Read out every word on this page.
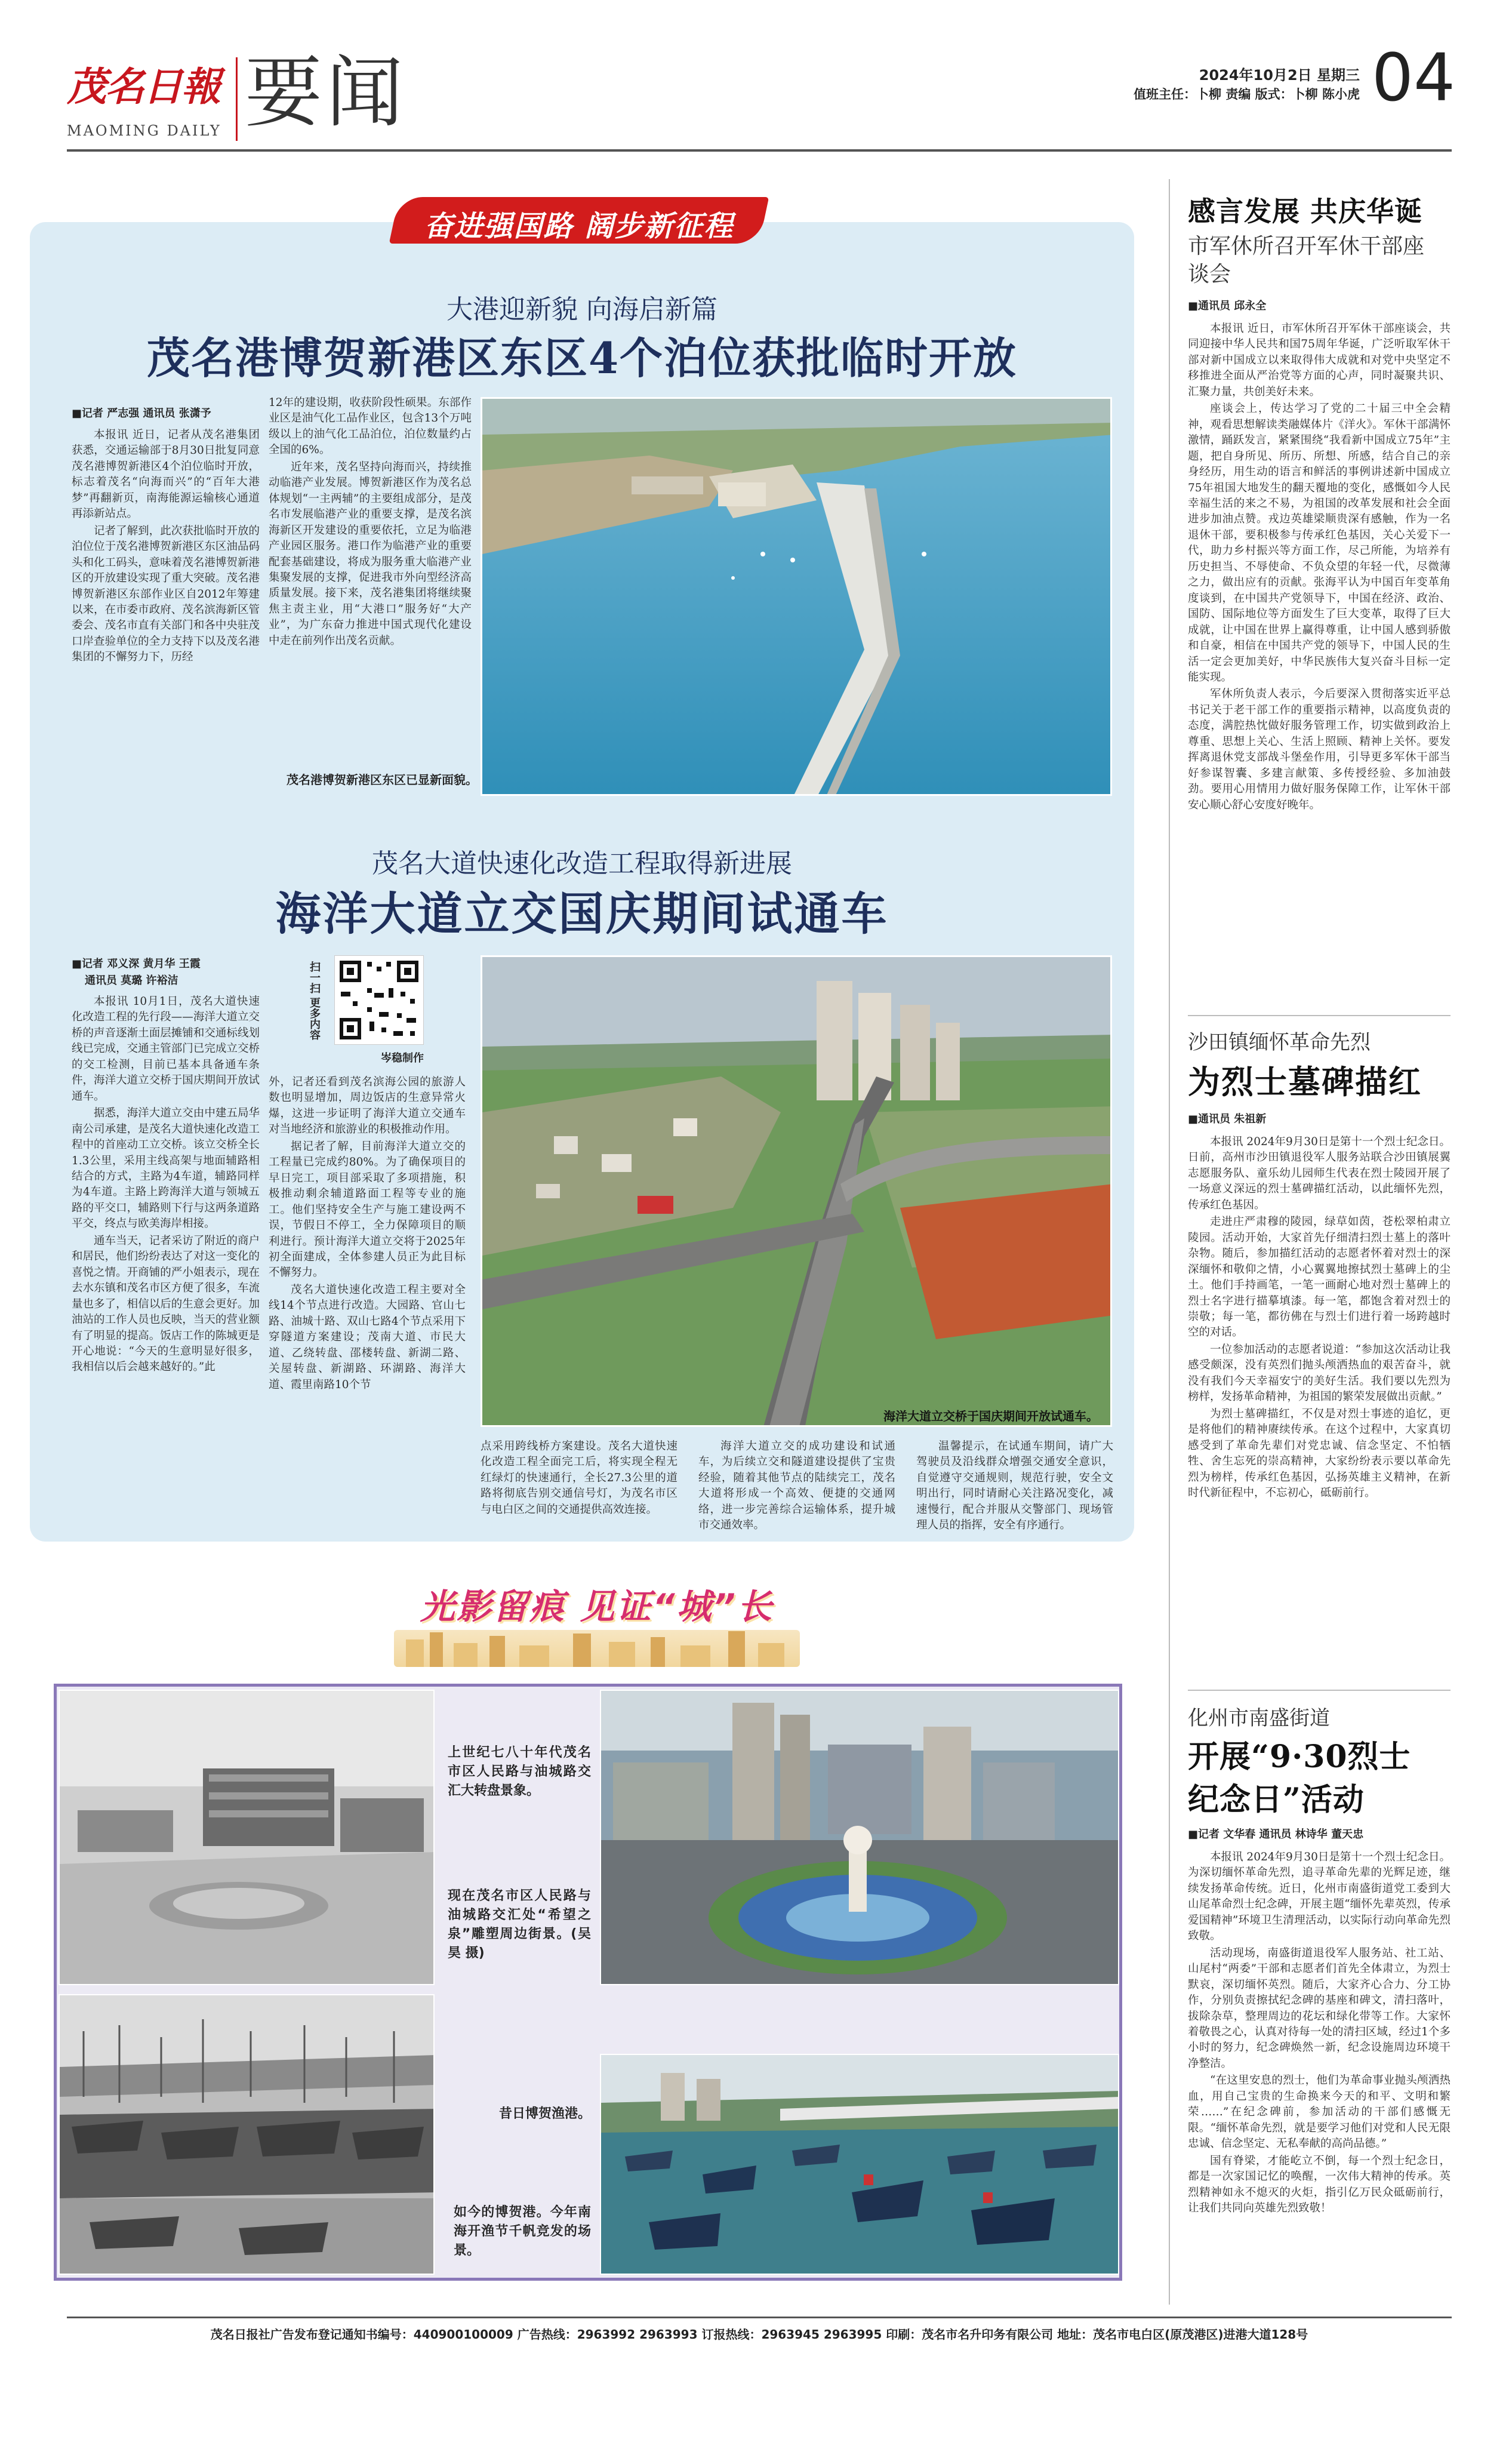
茂名日報
MAOMING DAILY 要闻	2024年10月2日 星期三
值班主任：卜柳 责编 版式：卜柳 陈小虎 04
奋进强国路 阔步新征程
大港迎新貌 向海启新篇
茂名港博贺新港区东区4个泊位获批临时开放
■记者 严志强 通讯员 张潇予

本报讯 近日，记者从茂名港集团获悉，交通运输部于8月30日批复同意茂名港博贺新港区4个泊位临时开放，标志着茂名“向海而兴”的“百年大港梦”再翻新页，南海能源运输核心通道再添新站点。

记者了解到，此次获批临时开放的泊位位于茂名港博贺新港区东区油品码头和化工码头，意味着茂名港博贺新港区的开放建设实现了重大突破。茂名港博贺新港区东部作业区自2012年筹建以来，在市委市政府、茂名滨海新区管委会、茂名市直有关部门和各中央驻茂口岸查验单位的全力支持下以及茂名港集团的不懈努力下，历经

12年的建设期，收获阶段性硕果。东部作业区是油气化工品作业区，包含13个万吨级以上的油气化工品泊位，泊位数量约占全国的6%。

近年来，茂名坚持向海而兴，持续推动临港产业发展。博贺新港区作为茂名总体规划“一主两辅”的主要组成部分，是茂名市发展临港产业的重要支撑，是茂名滨海新区开发建设的重要依托，立足为临港产业园区服务。港口作为临港产业的重要配套基础建设，将成为服务重大临港产业集聚发展的支撑，促进我市外向型经济高质量发展。接下来，茂名港集团将继续聚焦主责主业，用“大港口”服务好“大产业”，为广东奋力推进中国式现代化建设中走在前列作出茂名贡献。

茂名港博贺新港区东区已显新面貌。
茂名大道快速化改造工程取得新进展
海洋大道立交国庆期间试通车
■记者 邓义深 黄月华 王霞
通讯员 莫璐 许裕洁	扫一扫 更多内容
岑稳制作

本报讯 10月1日，茂名大道快速化改造工程的先行段——海洋大道立交桥的声音逐渐土面层摊铺和交通标线划线已完成，交通主管部门已完成立交桥的交工检测，目前已基本具备通车条件，海洋大道立交桥于国庆期间开放试通车。

据悉，海洋大道立交由中建五局华南公司承建，是茂名大道快速化改造工程中的首座动工立交桥。该立交桥全长1.3公里，采用主线高架与地面辅路相结合的方式，主路为4车道，辅路同样为4车道。主路上跨海洋大道与领城五路的平交口，辅路则下行与这两条道路平交，终点与欧美海岸相接。

通车当天，记者采访了附近的商户和居民，他们纷纷表达了对这一变化的喜悦之情。开商铺的严小姐表示，现在去水东镇和茂名市区方便了很多，车流量也多了，相信以后的生意会更好。加油站的工作人员也反映，当天的营业额有了明显的提高。饭店工作的陈城更是开心地说：“今天的生意明显好很多，我相信以后会越来越好的。”此

外，记者还看到茂名滨海公园的旅游人数也明显增加，周边饭店的生意异常火爆，这进一步证明了海洋大道立交通车对当地经济和旅游业的积极推动作用。

据记者了解，目前海洋大道立交的工程量已完成约80%。为了确保项目的早日完工，项目部采取了多项措施，积极推动剩余辅道路面工程等专业的施工。他们坚持安全生产与施工建设两不误，节假日不停工，全力保障项目的顺利进行。预计海洋大道立交将于2025年初全面建成，全体参建人员正为此目标不懈努力。

茂名大道快速化改造工程主要对全线14个节点进行改造。大园路、官山七路、油城十路、双山七路4个节点采用下穿隧道方案建设；茂南大道、市民大道、乙绕转盘、邵楼转盘、新湖二路、关屋转盘、新湖路、环湖路、海洋大道、霞里南路10个节

海洋大道立交桥于国庆期间开放试通车。
点采用跨线桥方案建设。茂名大道快速化改造工程全面完工后，将实现全程无红绿灯的快速通行，全长27.3公里的道路将彻底告别交通信号灯，为茂名市区与电白区之间的交通提供高效连接。
海洋大道立交的成功建设和试通车，为后续立交和隧道建设提供了宝贵经验，随着其他节点的陆续完工，茂名大道将形成一个高效、便捷的交通网络，进一步完善综合运输体系，提升城市交通效率。
温馨提示，在试通车期间，请广大驾驶员及沿线群众增强交通安全意识，自觉遵守交通规则，规范行驶，安全文明出行，同时请耐心关注路况变化，减速慢行，配合并服从交警部门、现场管理人员的指挥，安全有序通行。
光影留痕 见证“城”长
上世纪七八十年代茂名市区人民路与油城路交汇大转盘景象。
现在茂名市区人民路与油城路交汇处“希望之泉”雕塑周边街景。(吴昊 摄)
昔日博贺渔港。
如今的博贺港。今年南海开渔节千帆竞发的场景。
感言发展 共庆华诞
市军休所召开军休干部座谈会
■通讯员 邱永全

本报讯 近日，市军休所召开军休干部座谈会，共同迎接中华人民共和国75周年华诞，广泛听取军休干部对新中国成立以来取得伟大成就和对党中央坚定不移推进全面从严治党等方面的心声，同时凝聚共识、汇聚力量，共创美好未来。

座谈会上，传达学习了党的二十届三中全会精神，观看思想解读类融媒体片《洋火》。军休干部满怀激情，踊跃发言，紧紧围绕“我看新中国成立75年”主题，把自身所见、所历、所想、所感，结合自己的亲身经历，用生动的语言和鲜活的事例讲述新中国成立75年祖国大地发生的翻天覆地的变化，感慨如今人民幸福生活的来之不易，为祖国的改革发展和社会全面进步加油点赞。戎边英雄梁顺贵深有感触，作为一名退休干部，要积极参与传承红色基因，关心关爱下一代，助力乡村振兴等方面工作，尽己所能，为培养有历史担当、不辱使命、不负众望的年轻一代，尽微薄之力，做出应有的贡献。张海平认为中国百年变革角度谈到，在中国共产党领导下，中国在经济、政治、国防、国际地位等方面发生了巨大变革，取得了巨大成就，让中国在世界上赢得尊重，让中国人感到骄傲和自豪，相信在中国共产党的领导下，中国人民的生活一定会更加美好，中华民族伟大复兴奋斗目标一定能实现。

军休所负责人表示，今后要深入贯彻落实近平总书记关于老干部工作的重要指示精神，以高度负责的态度，满腔热忱做好服务管理工作，切实做到政治上尊重、思想上关心、生活上照顾、精神上关怀。要发挥离退休党支部战斗堡垒作用，引导更多军休干部当好参谋智囊、多建言献策、多传授经验、多加油鼓劲。要用心用情用力做好服务保障工作，让军休干部安心顺心舒心安度好晚年。

沙田镇缅怀革命先烈
为烈士墓碑描红
■通讯员 朱祖新

本报讯 2024年9月30日是第十一个烈士纪念日。日前，高州市沙田镇退役军人服务站联合沙田镇展翼志愿服务队、童乐幼儿园师生代表在烈士陵园开展了一场意义深远的烈士墓碑描红活动，以此缅怀先烈，传承红色基因。

走进庄严肃穆的陵园，绿草如茵，苍松翠柏肃立陵园。活动开始，大家首先仔细清扫烈士墓上的落叶杂物。随后，参加描红活动的志愿者怀着对烈士的深深缅怀和敬仰之情，小心翼翼地擦拭烈士墓碑上的尘土。他们手持画笔，一笔一画耐心地对烈士墓碑上的烈士名字进行描摹填漆。每一笔，都饱含着对烈士的崇敬；每一笔，都彷佛在与烈士们进行着一场跨越时空的对话。

一位参加活动的志愿者说道：“参加这次活动让我感受颇深，没有英烈们抛头颅洒热血的艰苦奋斗，就没有我们今天幸福安宁的美好生活。我们要以先烈为榜样，发扬革命精神，为祖国的繁荣发展做出贡献。”

为烈士墓碑描红，不仅是对烈士事迹的追忆，更是将他们的精神赓续传承。在这个过程中，大家真切感受到了革命先辈们对党忠诚、信念坚定、不怕牺牲、舍生忘死的崇高精神，大家纷纷表示要以革命先烈为榜样，传承红色基因，弘扬英雄主义精神，在新时代新征程中，不忘初心，砥砺前行。

化州市南盛街道
开展“9·30烈士
纪念日”活动
■记者 文华春 通讯员 林诗华 董天忠

本报讯 2024年9月30日是第十一个烈士纪念日。为深切缅怀革命先烈，追寻革命先辈的光辉足迹，继续发扬革命传统。近日，化州市南盛街道党工委到大山尾革命烈士纪念碑，开展主题“缅怀先辈英烈，传承爱国精神”环境卫生清理活动，以实际行动向革命先烈致敬。

活动现场，南盛街道退役军人服务站、社工站、山尾村“两委”干部和志愿者们首先全体肃立，为烈士默哀，深切缅怀英烈。随后，大家齐心合力、分工协作，分别负责擦拭纪念碑的基座和碑文，清扫落叶，拔除杂草，整理周边的花坛和绿化带等工作。大家怀着敬畏之心，认真对待每一处的清扫区域，经过1个多小时的努力，纪念碑焕然一新，纪念设施周边环境干净整洁。

“在这里安息的烈士，他们为革命事业抛头颅洒热血，用自己宝贵的生命换来今天的和平、文明和繁荣……”在纪念碑前，参加活动的干部们感慨无限。“缅怀革命先烈，就是要学习他们对党和人民无限忠诚、信念坚定、无私奉献的高尚品德。”

国有脊梁，才能屹立不倒，每一个烈士纪念日，都是一次家国记忆的唤醒，一次伟大精神的传承。英烈精神如永不熄灭的火炬，指引亿万民众砥砺前行，让我们共同向英雄先烈致敬！

茂名日报社广告发布登记通知书编号：440900100009 广告热线：2963992 2963993 订报热线：2963945 2963995 印刷：茂名市名升印务有限公司 地址：茂名市电白区(原茂港区)进港大道128号
